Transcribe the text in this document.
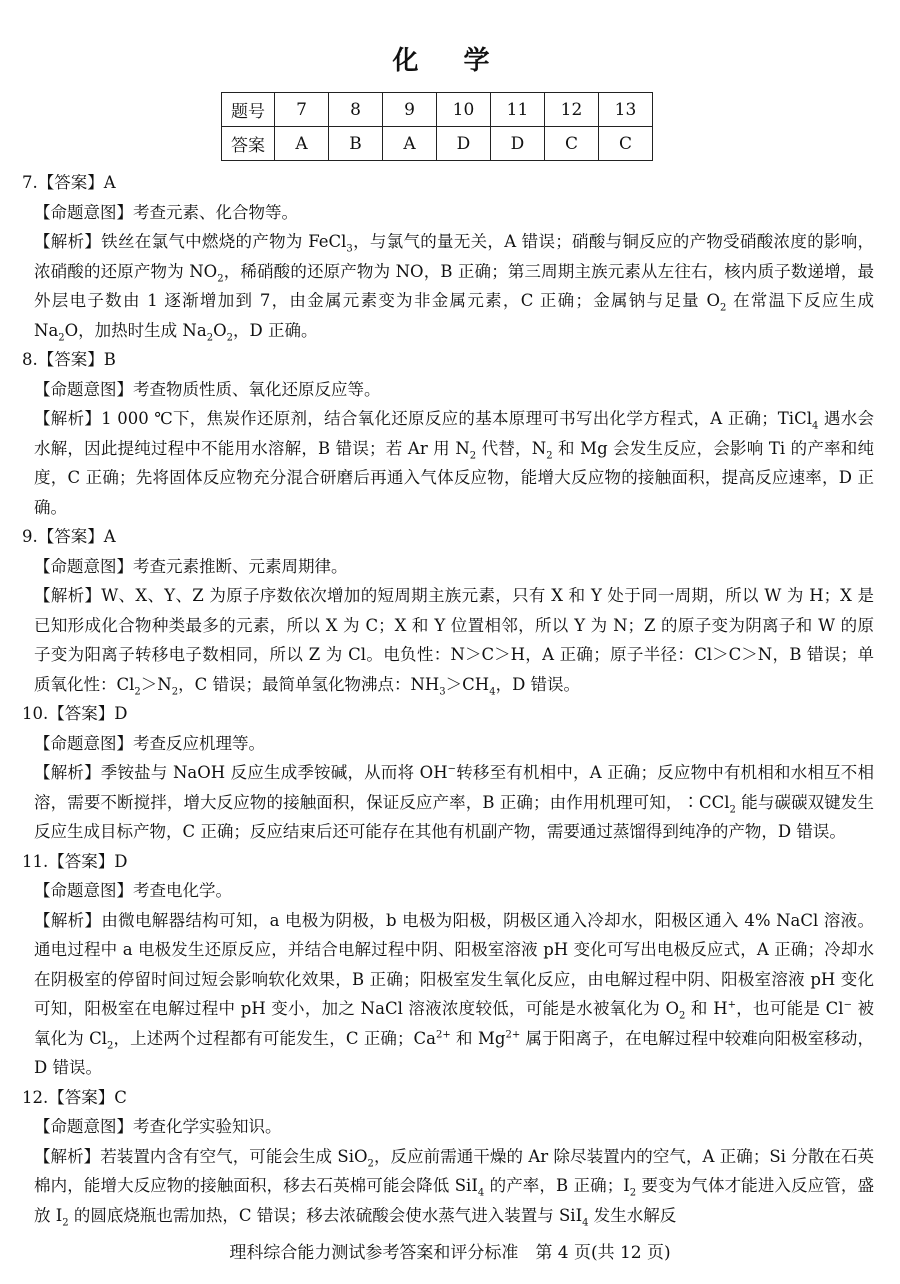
化 学
题号	7	8	9	10	11	12	13
答案	A	B	A	D	D	C	C

7.【答案】A

【命题意图】考查元素、化合物等。

【解析】铁丝在氯气中燃烧的产物为 FeCl$_3$，与氯气的量无关，A 错误；硝酸与铜反应的产物受硝酸浓度的影响，浓硝酸的还原产物为 $NO_2$，稀硝酸的还原产物为 NO，B 正确；第三周期主族元素从左往右，核内质子数递增，最外层电子数由 1 逐渐增加到 7，由金属元素变为非金属元素，C 正确；金属钠与足量 $O_2$ 在常温下反应生成 $Na_2O$，加热时生成 $Na_2O_2$，D 正确。

8.【答案】B

【命题意图】考查物质性质、氧化还原反应等。

【解析】1 000 ℃下，焦炭作还原剂，结合氧化还原反应的基本原理可书写出化学方程式，A 正确；TiCl$_4$ 遇水会水解，因此提纯过程中不能用水溶解，B 错误；若 Ar 用 $N_2$ 代替，$N_2$ 和 Mg 会发生反应，会影响 Ti 的产率和纯度，C 正确；先将固体反应物充分混合研磨后再通入气体反应物，能增大反应物的接触面积，提高反应速率，D 正确。

9.【答案】A

【命题意图】考查元素推断、元素周期律。

【解析】W、X、Y、Z 为原子序数依次增加的短周期主族元素，只有 X 和 Y 处于同一周期，所以 W 为 H；X 是已知形成化合物种类最多的元素，所以 X 为 C；X 和 Y 位置相邻，所以 Y 为 N；Z 的原子变为阴离子和 W 的原子变为阳离子转移电子数相同，所以 Z 为 Cl。电负性：N＞C＞H，A 正确；原子半径：Cl＞C＞N，B 错误；单质氧化性：$Cl_2>N_2$，C 错误；最简单氢化物沸点：$NH_3>CH_4$，D 错误。

10.【答案】D

【命题意图】考查反应机理等。

【解析】季铵盐与 NaOH 反应生成季铵碱，从而将 OH−转移至有机相中，A 正确；反应物中有机相和水相互不相溶，需要不断搅拌，增大反应物的接触面积，保证反应产率，B 正确；由作用机理可知，∶CCl$_2$ 能与碳碳双键发生反应生成目标产物，C 正确；反应结束后还可能存在其他有机副产物，需要通过蒸馏得到纯净的产物，D 错误。

11.【答案】D

【命题意图】考查电化学。

【解析】由微电解器结构可知，a 电极为阴极，b 电极为阳极，阴极区通入冷却水，阳极区通入 4% NaCl 溶液。通电过程中 a 电极发生还原反应，并结合电解过程中阴、阳极室溶液 pH 变化可写出电极反应式，A 正确；冷却水在阴极室的停留时间过短会影响软化效果，B 正确；阳极室发生氧化反应，由电解过程中阴、阳极室溶液 pH 变化可知，阳极室在电解过程中 pH 变小，加之 NaCl 溶液浓度较低，可能是水被氧化为 $O_2$ 和 H+，也可能是 Cl− 被氧化为 $Cl_2$，上述两个过程都有可能发生，C 正确；$Ca^{2+}$ 和 $Mg^{2+}$ 属于阳离子，在电解过程中较难向阳极室移动，D 错误。

12.【答案】C

【命题意图】考查化学实验知识。

【解析】若装置内含有空气，可能会生成 SiO$_2$，反应前需通干燥的 Ar 除尽装置内的空气，A 正确；Si 分散在石英棉内，能增大反应物的接触面积，移去石英棉可能会降低 SiI$_4$ 的产率，B 正确；$I_2$ 要变为气体才能进入反应管，盛放 $I_2$ 的圆底烧瓶也需加热，C 错误；移去浓硫酸会使水蒸气进入装置与 SiI$_4$ 发生水解反

理科综合能力测试参考答案和评分标准　第 4 页(共 12 页)
